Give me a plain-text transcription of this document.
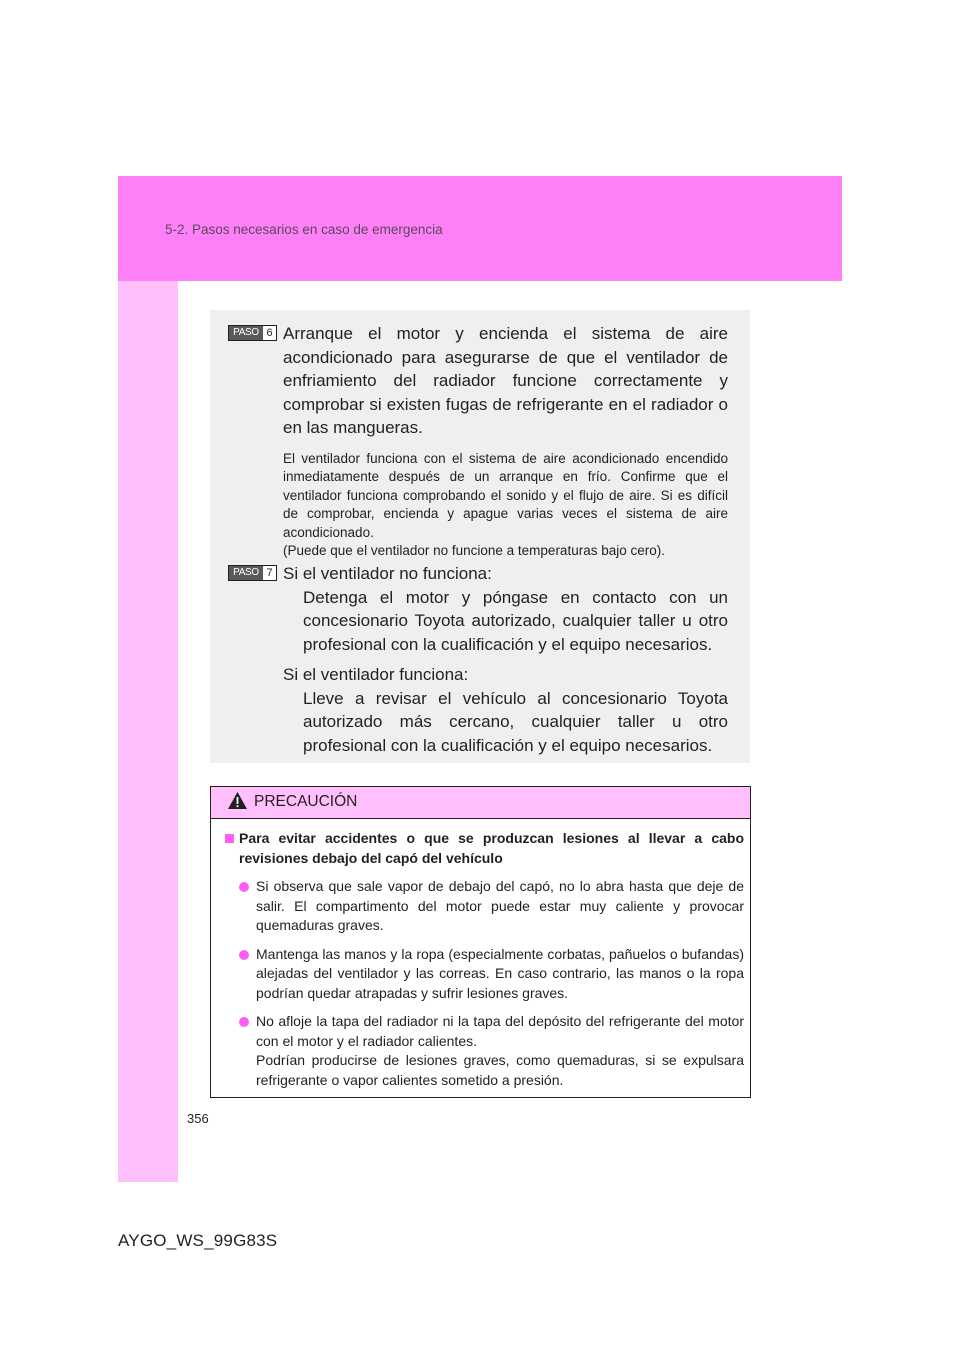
5-2. Pasos necesarios en caso de emergencia
PASO 6 Arranque el motor y encienda el sistema de aire acondicionado para asegurarse de que el ventilador de enfriamiento del radiador funcione correctamente y comprobar si existen fugas de refrigerante en el radiador o en las mangueras.
El ventilador funciona con el sistema de aire acondicionado encendido inmediatamente después de un arranque en frío. Confirme que el ventilador funciona comprobando el sonido y el flujo de aire. Si es difícil de comprobar, encienda y apague varias veces el sistema de aire acondicionado.
(Puede que el ventilador no funcione a temperaturas bajo cero).
PASO 7 Si el ventilador no funciona:
Detenga el motor y póngase en contacto con un concesionario Toyota autorizado, cualquier taller u otro profesional con la cualificación y el equipo necesarios.
Si el ventilador funciona:
Lleve a revisar el vehículo al concesionario Toyota autorizado más cercano, cualquier taller u otro profesional con la cualificación y el equipo necesarios.
PRECAUCIÓN
Para evitar accidentes o que se produzcan lesiones al llevar a cabo revisiones debajo del capó del vehículo
Si observa que sale vapor de debajo del capó, no lo abra hasta que deje de salir. El compartimento del motor puede estar muy caliente y provocar quemaduras graves.
Mantenga las manos y la ropa (especialmente corbatas, pañuelos o bufandas) alejadas del ventilador y las correas. En caso contrario, las manos o la ropa podrían quedar atrapadas y sufrir lesiones graves.
No afloje la tapa del radiador ni la tapa del depósito del refrigerante del motor con el motor y el radiador calientes.
Podrían producirse de lesiones graves, como quemaduras, si se expulsara refrigerante o vapor calientes sometido a presión.
356
AYGO_WS_99G83S
